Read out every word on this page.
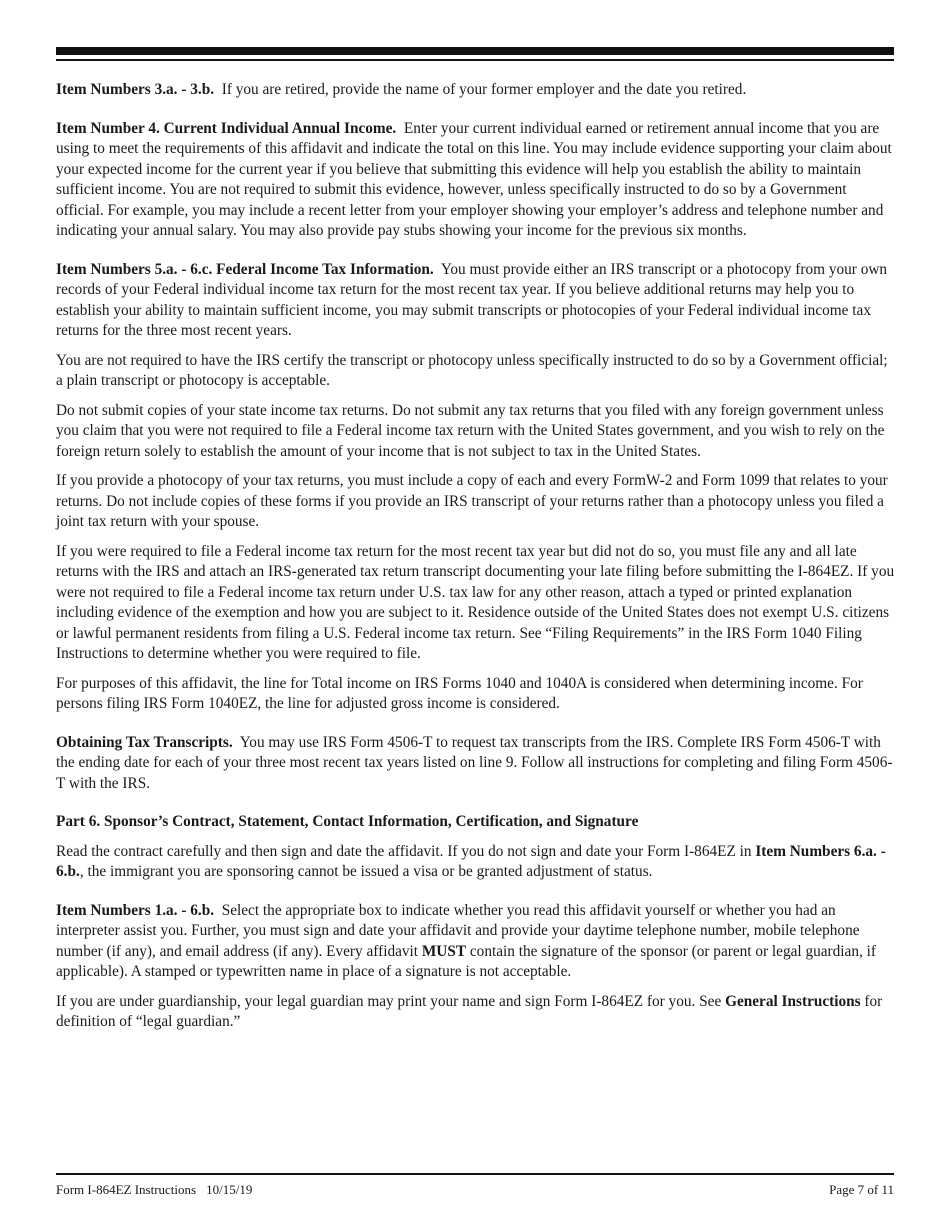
Item Numbers 3.a. - 3.b. If you are retired, provide the name of your former employer and the date you retired.

Item Number 4. Current Individual Annual Income. Enter your current individual earned or retirement annual income that you are using to meet the requirements of this affidavit and indicate the total on this line. You may include evidence supporting your claim about your expected income for the current year if you believe that submitting this evidence will help you establish the ability to maintain sufficient income. You are not required to submit this evidence, however, unless specifically instructed to do so by a Government official. For example, you may include a recent letter from your employer showing your employer’s address and telephone number and indicating your annual salary. You may also provide pay stubs showing your income for the previous six months.

Item Numbers 5.a. - 6.c. Federal Income Tax Information. You must provide either an IRS transcript or a photocopy from your own records of your Federal individual income tax return for the most recent tax year. If you believe additional returns may help you to establish your ability to maintain sufficient income, you may submit transcripts or photocopies of your Federal individual income tax returns for the three most recent years.

You are not required to have the IRS certify the transcript or photocopy unless specifically instructed to do so by a Government official; a plain transcript or photocopy is acceptable.

Do not submit copies of your state income tax returns. Do not submit any tax returns that you filed with any foreign government unless you claim that you were not required to file a Federal income tax return with the United States government, and you wish to rely on the foreign return solely to establish the amount of your income that is not subject to tax in the United States.

If you provide a photocopy of your tax returns, you must include a copy of each and every FormW-2 and Form 1099 that relates to your returns. Do not include copies of these forms if you provide an IRS transcript of your returns rather than a photocopy unless you filed a joint tax return with your spouse.

If you were required to file a Federal income tax return for the most recent tax year but did not do so, you must file any and all late returns with the IRS and attach an IRS-generated tax return transcript documenting your late filing before submitting the I-864EZ. If you were not required to file a Federal income tax return under U.S. tax law for any other reason, attach a typed or printed explanation including evidence of the exemption and how you are subject to it. Residence outside of the United States does not exempt U.S. citizens or lawful permanent residents from filing a U.S. Federal income tax return. See “Filing Requirements” in the IRS Form 1040 Filing Instructions to determine whether you were required to file.

For purposes of this affidavit, the line for Total income on IRS Forms 1040 and 1040A is considered when determining income. For persons filing IRS Form 1040EZ, the line for adjusted gross income is considered.

Obtaining Tax Transcripts. You may use IRS Form 4506-T to request tax transcripts from the IRS. Complete IRS Form 4506-T with the ending date for each of your three most recent tax years listed on line 9. Follow all instructions for completing and filing Form 4506-T with the IRS.

Part 6. Sponsor’s Contract, Statement, Contact Information, Certification, and Signature

Read the contract carefully and then sign and date the affidavit. If you do not sign and date your Form I-864EZ in Item Numbers 6.a. - 6.b., the immigrant you are sponsoring cannot be issued a visa or be granted adjustment of status.

Item Numbers 1.a. - 6.b. Select the appropriate box to indicate whether you read this affidavit yourself or whether you had an interpreter assist you. Further, you must sign and date your affidavit and provide your daytime telephone number, mobile telephone number (if any), and email address (if any). Every affidavit MUST contain the signature of the sponsor (or parent or legal guardian, if applicable). A stamped or typewritten name in place of a signature is not acceptable.

If you are under guardianship, your legal guardian may print your name and sign Form I-864EZ for you. See General Instructions for definition of “legal guardian.”

Form I-864EZ Instructions 10/15/19	Page 7 of 11
